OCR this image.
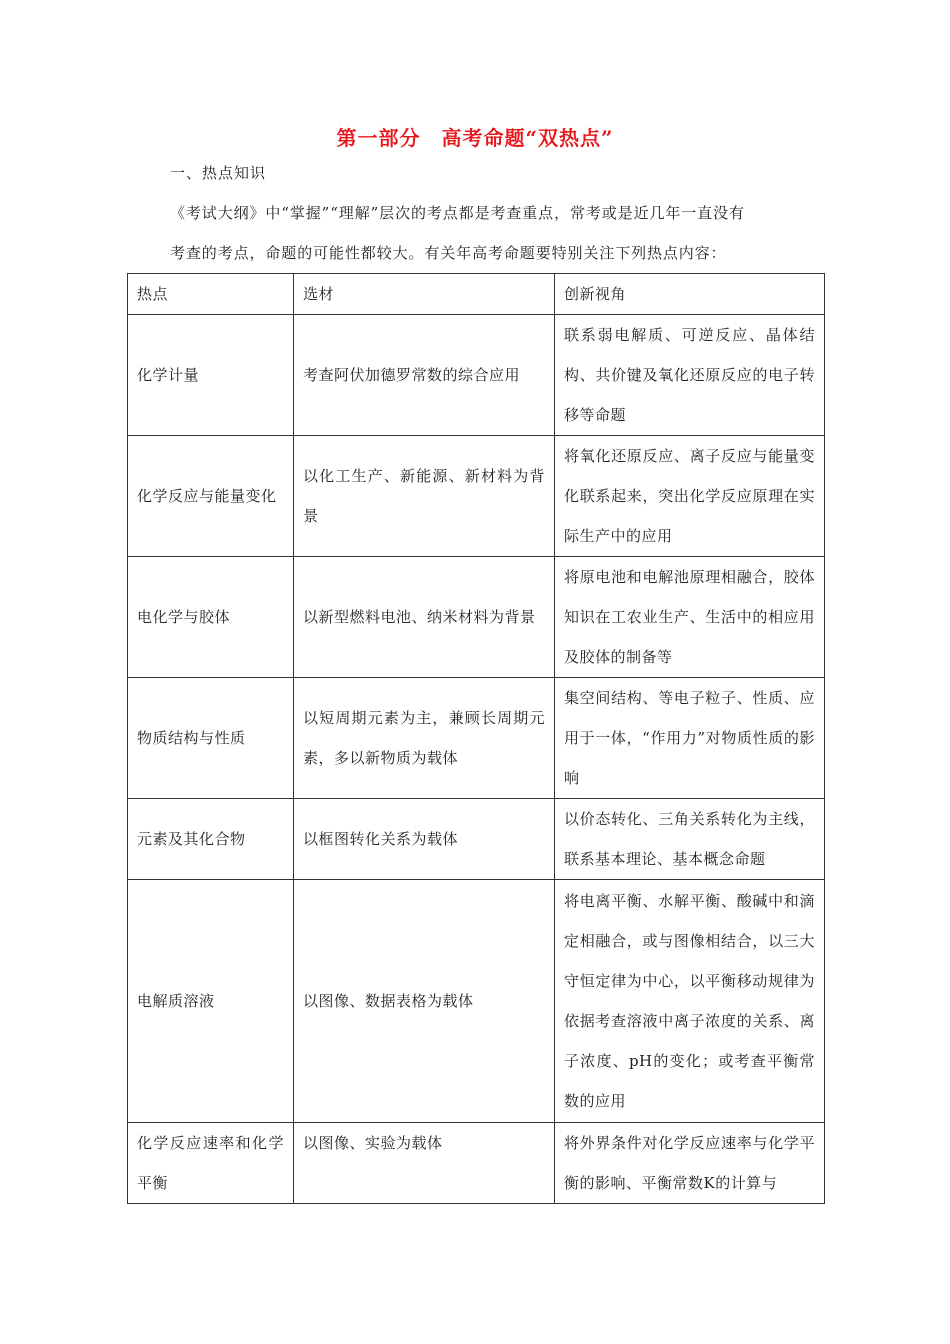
第一部分　高考命题“双热点”
一、热点知识

《考试大纲》中“掌握”“理解”层次的考点都是考查重点，常考或是近几年一直没有
考查的考点，命题的可能性都较大。有关年高考命题要特别关注下列热点内容：

热点	选材	创新视角
化学计量	考查阿伏加德罗常数的综合应用	联系弱电解质、可逆反应、晶体结构、共价键及氧化还原反应的电子转移等命题
化学反应与能量变化	以化工生产、新能源、新材料为背景	将氧化还原反应、离子反应与能量变化联系起来，突出化学反应原理在实际生产中的应用
电化学与胶体	以新型燃料电池、纳米材料为背景	将原电池和电解池原理相融合，胶体知识在工农业生产、生活中的相应用及胶体的制备等
物质结构与性质	以短周期元素为主，兼顾长周期元素，多以新物质为载体	集空间结构、等电子粒子、性质、应用于一体，“作用力”对物质性质的影响
元素及其化合物	以框图转化关系为载体	以价态转化、三角关系转化为主线，联系基本理论、基本概念命题
电解质溶液	以图像、数据表格为载体	将电离平衡、水解平衡、酸碱中和滴定相融合，或与图像相结合，以三大守恒定律为中心，以平衡移动规律为依据考查溶液中离子浓度的关系、离子浓度、pH的变化；或考查平衡常数的应用
化学反应速率和化学平衡	以图像、实验为载体	将外界条件对化学反应速率与化学平衡的影响、平衡常数K的计算与
